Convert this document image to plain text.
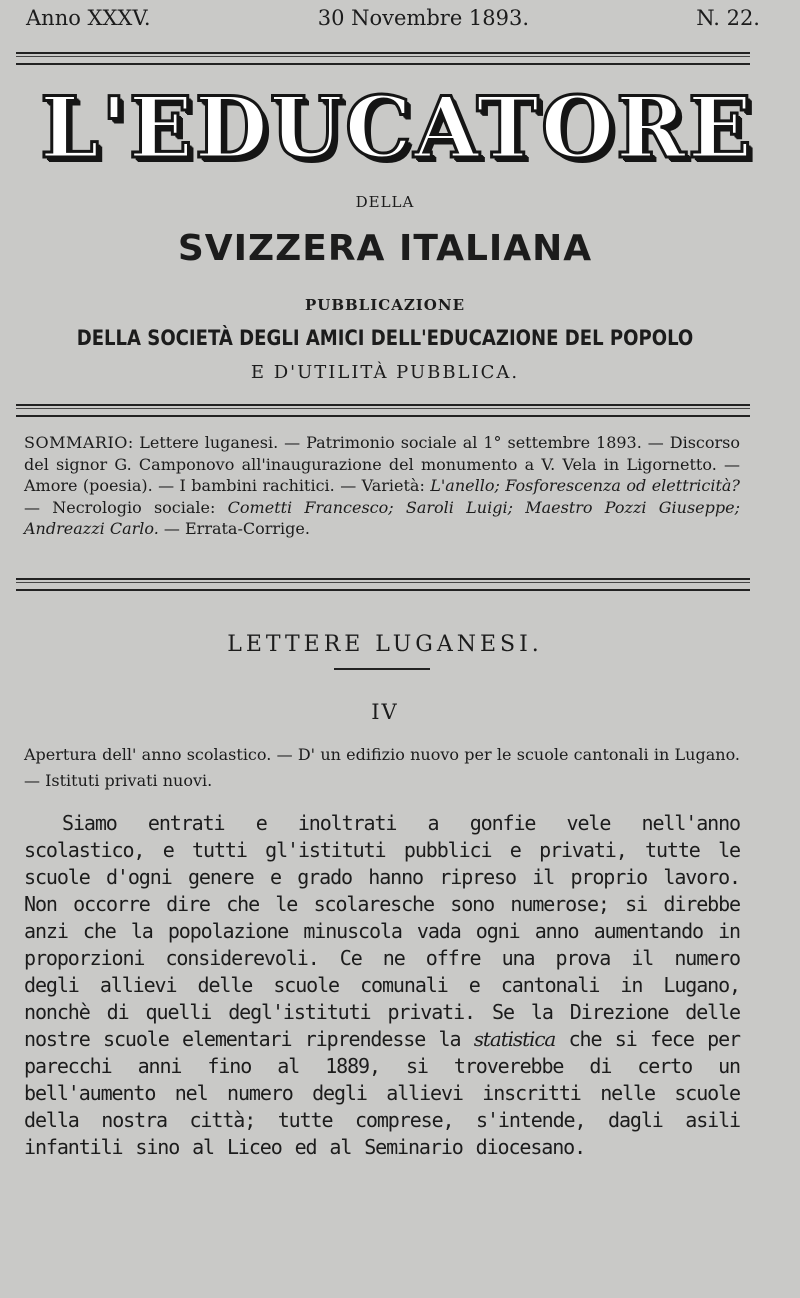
Anno XXXV.	30 Novembre 1893.	N. 22.
L'EDUCATORE
DELLA
SVIZZERA ITALIANA
PUBBLICAZIONE
DELLA SOCIETÀ DEGLI AMICI DELL'EDUCAZIONE DEL POPOLO
E D'UTILITÀ PUBBLICA.
SOMMARIO: Lettere luganesi. — Patrimonio sociale al 1° settembre 1893. — Discorso del signor G. Camponovo all'inaugurazione del monumento a V. Vela in Ligornetto. — Amore (poesia). — I bambini rachitici. — Varietà: L'anello; Fosforescenza od elettricità? — Necrologio sociale: Cometti Francesco; Saroli Luigi; Maestro Pozzi Giuseppe; Andreazzi Carlo. — Errata-Corrige.
LETTERE LUGANESI.
IV
Apertura dell' anno scolastico. — D' un edifizio nuovo per le scuole cantonali in Lugano. — Istituti privati nuovi.

Siamo entrati e inoltrati a gonfie vele nell'anno scolastico, e tutti gl'istituti pubblici e privati, tutte le scuole d'ogni genere e grado hanno ripreso il proprio lavoro. Non occorre dire che le scolaresche sono numerose; si direbbe anzi che la popolazione minuscola vada ogni anno aumentando in proporzioni considerevoli. Ce ne offre una prova il numero degli allievi delle scuole comunali e cantonali in Lugano, nonchè di quelli degl'istituti privati. Se la Direzione delle nostre scuole elementari riprendesse la statistica che si fece per parecchi anni fino al 1889, si troverebbe di certo un bell'aumento nel numero degli allievi inscritti nelle scuole della nostra città; tutte comprese, s'intende, dagli asili infantili sino al Liceo ed al Seminario diocesano.
